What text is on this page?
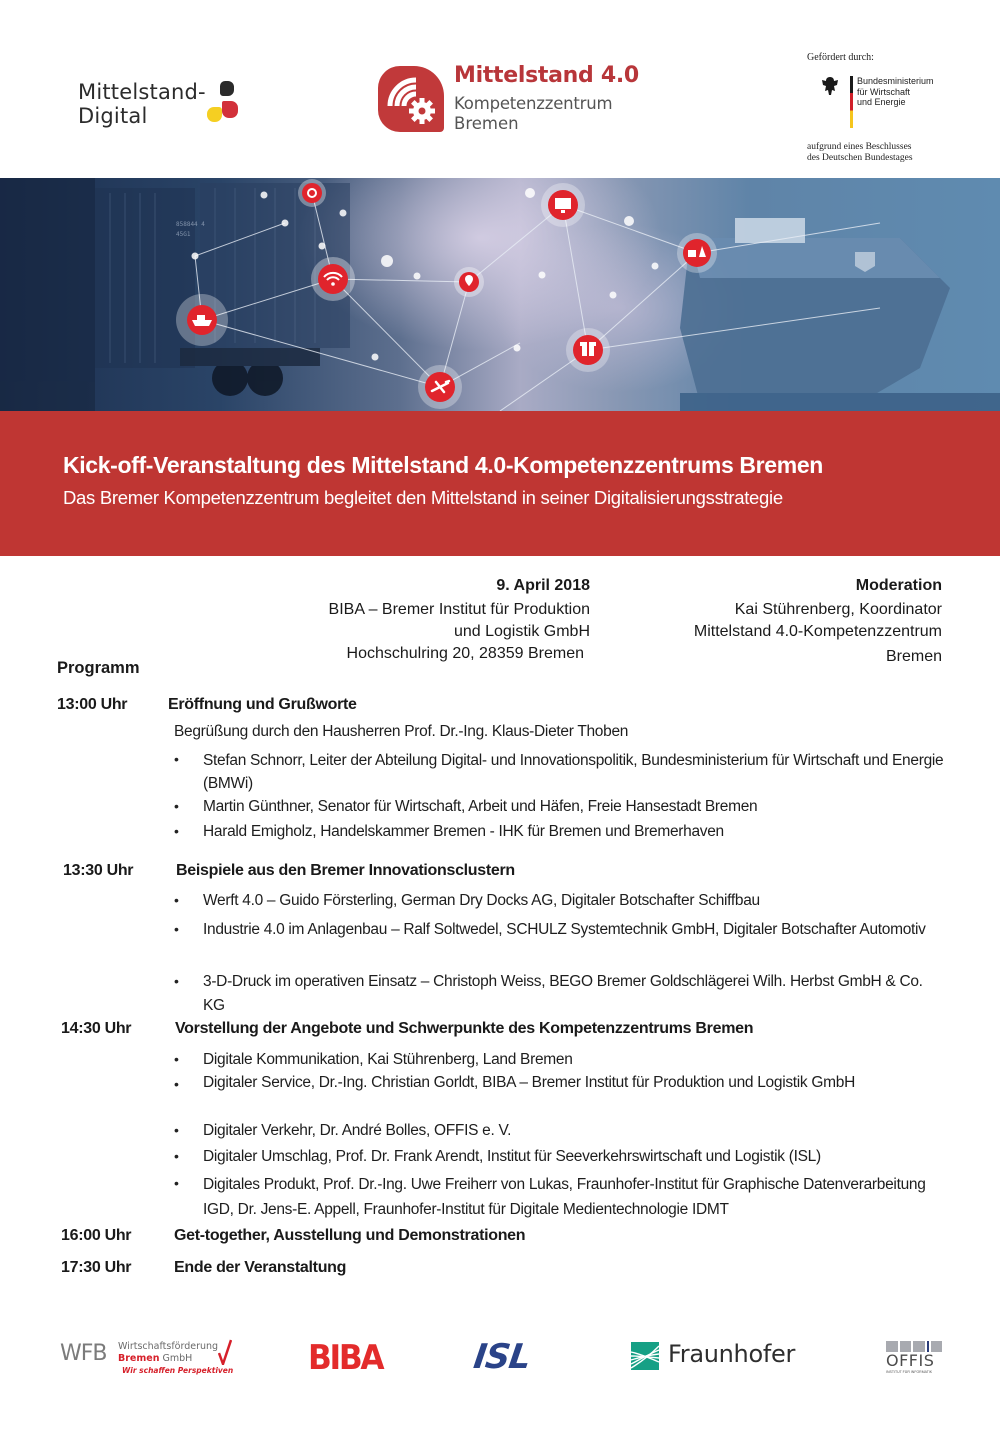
Mittelstand-
Digital
Mittelstand 4.0
Kompetenzzentrum
Bremen
Gefördert durch:
Bundesministerium
für Wirtschaft
und Energie
aufgrund eines Beschlusses
des Deutschen Bundestages
858844 4
45G1
Kick-off-Veranstaltung des Mittelstand 4.0-Kompetenzzentrums Bremen
Das Bremer Kompetenzzentrum begleitet den Mittelstand in seiner Digitalisierungsstrategie
9. April 2018
BIBA – Bremer Institut für Produktion
und Logistik GmbH
Hochschulring 20, 28359 Bremen
Moderation
Kai Stührenberg, Koordinator
Mittelstand 4.0-Kompetenzzentrum
Bremen
Programm
13:00 Uhr	Eröffnung und Grußworte
Begrüßung durch den Hausherren Prof. Dr.-Ing. Klaus-Dieter Thoben
• Stefan Schnorr, Leiter der Abteilung Digital- und Innovationspolitik, Bundesministerium für Wirtschaft und Energie (BMWi)
• Martin Günthner, Senator für Wirtschaft, Arbeit und Häfen, Freie Hansestadt Bremen
• Harald Emigholz, Handelskammer Bremen - IHK für Bremen und Bremerhaven
13:30 Uhr	Beispiele aus den Bremer Innovationsclustern
• Werft 4.0 – Guido Försterling, German Dry Docks AG, Digitaler Botschafter Schiffbau
• Industrie 4.0 im Anlagenbau – Ralf Soltwedel, SCHULZ Systemtechnik GmbH, Digitaler Botschafter Automotiv
• 3-D-Druck im operativen Einsatz – Christoph Weiss, BEGO Bremer Goldschlägerei Wilh. Herbst GmbH & Co. KG
14:30 Uhr	Vorstellung der Angebote und Schwerpunkte des Kompetenzzentrums Bremen
• Digitale Kommunikation, Kai Stührenberg, Land Bremen
• Digitaler Service, Dr.-Ing. Christian Gorldt, BIBA – Bremer Institut für Produktion und Logistik GmbH
• Digitaler Verkehr, Dr. André Bolles, OFFIS e. V.
• Digitaler Umschlag, Prof. Dr. Frank Arendt, Institut für Seeverkehrswirtschaft und Logistik (ISL)
• Digitales Produkt, Prof. Dr.-Ing. Uwe Freiherr von Lukas, Fraunhofer-Institut für Graphische Datenverarbeitung IGD, Dr. Jens-E. Appell, Fraunhofer-Institut für Digitale Medientechnologie IDMT
16:00 Uhr	Get-together, Ausstellung und Demonstrationen
17:30 Uhr	Ende der Veranstaltung
WFB Wirtschaftsförderung
Bremen GmbH
Wir schaffen Perspektiven BIBA	ISL	Fraunhofer	OFFIS
INSTITUT FÜR INFORMATIK
